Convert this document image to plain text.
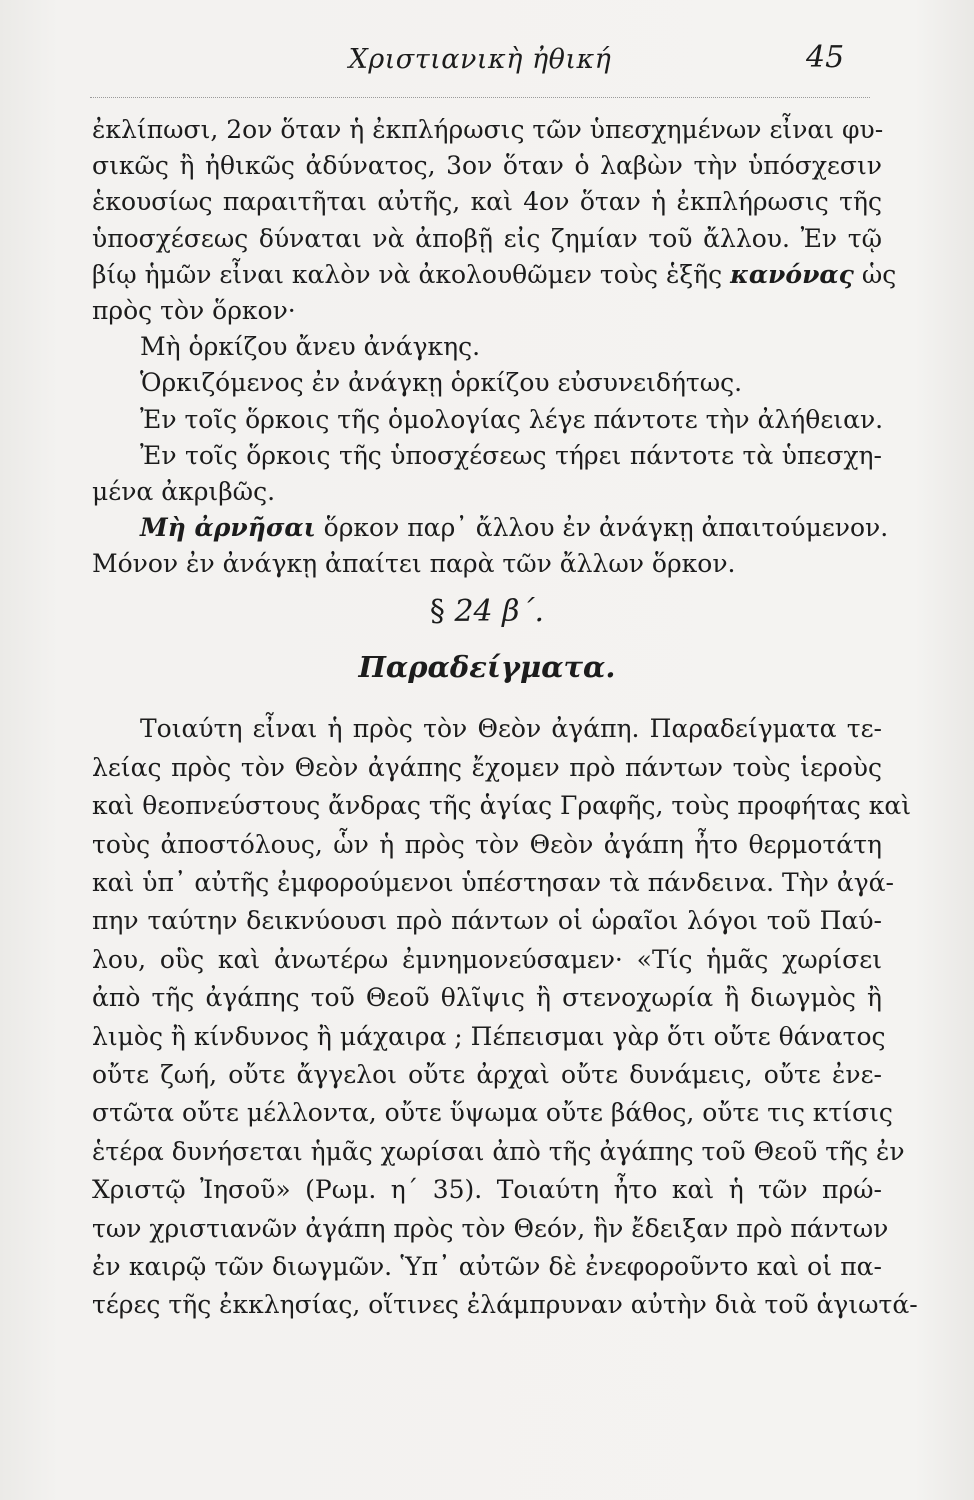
Χριστιανικὴ ἠθική	45
ἐκλίπωσι, 2ον ὅταν ἡ ἐκπλήρωσις τῶν ὑπεσχημένων εἶναι φυ-
σικῶς ἢ ἠθικῶς ἀδύνατος, 3ον ὅταν ὁ λαβὼν τὴν ὑπόσχεσιν
ἑκουσίως παραιτῆται αὐτῆς, καὶ 4ον ὅταν ἡ ἐκπλήρωσις τῆς
ὑποσχέσεως δύναται νὰ ἀποβῇ εἰς ζημίαν τοῦ ἄλλου. Ἐν τῷ
βίῳ ἡμῶν εἶναι καλὸν νὰ ἀκολουθῶμεν τοὺς ἑξῆς κανόνας ὡς
πρὸς τὸν ὅρκον·
Μὴ ὁρκίζου ἄνευ ἀνάγκης.
Ὁρκιζόμενος ἐν ἀνάγκῃ ὁρκίζου εὐσυνειδήτως.
Ἐν τοῖς ὅρκοις τῆς ὁμολογίας λέγε πάντοτε τὴν ἀλήθειαν.
Ἐν τοῖς ὅρκοις τῆς ὑποσχέσεως τήρει πάντοτε τὰ ὑπεσχη-
μένα ἀκριβῶς.
Μὴ ἀρνῆσαι ὅρκον παρ᾽ ἄλλου ἐν ἀνάγκῃ ἀπαιτούμενον.
Μόνον ἐν ἀνάγκῃ ἀπαίτει παρὰ τῶν ἄλλων ὅρκον.
§ 24 β΄.
Παραδείγματα.
Τοιαύτη εἶναι ἡ πρὸς τὸν Θεὸν ἀγάπη. Παραδείγματα τε-
λείας πρὸς τὸν Θεὸν ἀγάπης ἔχομεν πρὸ πάντων τοὺς ἱεροὺς
καὶ θεοπνεύστους ἄνδρας τῆς ἁγίας Γραφῆς, τοὺς προφήτας καὶ
τοὺς ἀποστόλους, ὧν ἡ πρὸς τὸν Θεὸν ἀγάπη ἦτο θερμοτάτη
καὶ ὑπ᾽ αὐτῆς ἐμφορούμενοι ὑπέστησαν τὰ πάνδεινα. Τὴν ἀγά-
πην ταύτην δεικνύουσι πρὸ πάντων οἱ ὡραῖοι λόγοι τοῦ Παύ-
λου, οὓς καὶ ἀνωτέρω ἐμνημονεύσαμεν· «Τίς ἡμᾶς χωρίσει
ἀπὸ τῆς ἀγάπης τοῦ Θεοῦ θλῖψις ἢ στενοχωρία ἢ διωγμὸς ἢ
λιμὸς ἢ κίνδυνος ἢ μάχαιρα ; Πέπεισμαι γὰρ ὅτι οὔτε θάνατος
οὔτε ζωή, οὔτε ἄγγελοι οὔτε ἀρχαὶ οὔτε δυνάμεις, οὔτε ἐνε-
στῶτα οὔτε μέλλοντα, οὔτε ὕψωμα οὔτε βάθος, οὔτε τις κτίσις
ἑτέρα δυνήσεται ἡμᾶς χωρίσαι ἀπὸ τῆς ἀγάπης τοῦ Θεοῦ τῆς ἐν
Χριστῷ Ἰησοῦ» (Ρωμ. η΄ 35). Τοιαύτη ἦτο καὶ ἡ τῶν πρώ-
των χριστιανῶν ἀγάπη πρὸς τὸν Θεόν, ἣν ἔδειξαν πρὸ πάντων
ἐν καιρῷ τῶν διωγμῶν. Ὑπ᾽ αὐτῶν δὲ ἐνεφοροῦντο καὶ οἱ πα-
τέρες τῆς ἐκκλησίας, οἵτινες ἐλάμπρυναν αὐτὴν διὰ τοῦ ἁγιωτά-
